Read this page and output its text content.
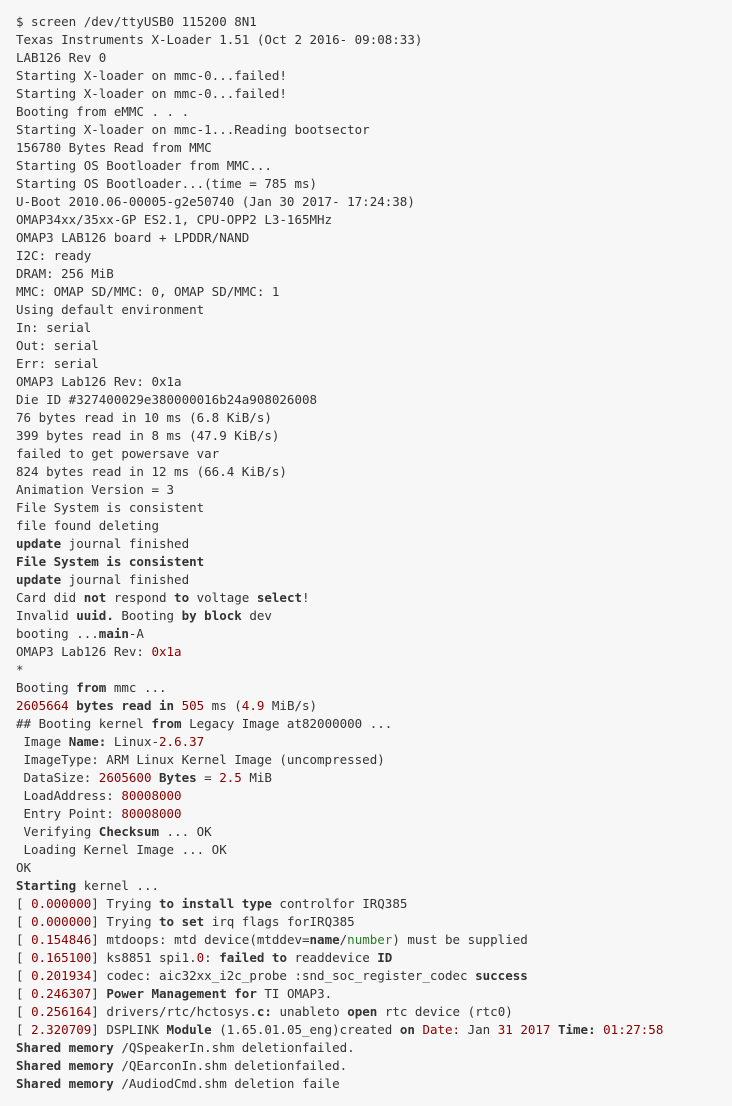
$ screen /dev/ttyUSB0 115200 8N1
Texas Instruments X-Loader 1.51 (Oct 2 2016- 09:08:33)
LAB126 Rev 0
Starting X-loader on mmc-0...failed!
Starting X-loader on mmc-0...failed!
Booting from eMMC . . .
Starting X-loader on mmc-1...Reading bootsector
156780 Bytes Read from MMC
Starting OS Bootloader from MMC...
Starting OS Bootloader...(time = 785 ms)
U-Boot 2010.06-00005-g2e50740 (Jan 30 2017- 17:24:38)
OMAP34xx/35xx-GP ES2.1, CPU-OPP2 L3-165MHz
OMAP3 LAB126 board + LPDDR/NAND
I2C: ready
DRAM: 256 MiB
MMC: OMAP SD/MMC: 0, OMAP SD/MMC: 1
Using default environment
In: serial
Out: serial
Err: serial
OMAP3 Lab126 Rev: 0x1a
Die ID #327400029e380000016b24a908026008
76 bytes read in 10 ms (6.8 KiB/s)
399 bytes read in 8 ms (47.9 KiB/s)
failed to get powersave var
824 bytes read in 12 ms (66.4 KiB/s)
Animation Version = 3
File System is consistent
file found deleting
update journal finished
File System is consistent
update journal finished
Card did not respond to voltage select!
Invalid uuid. Booting by block dev
booting ...main-A
OMAP3 Lab126 Rev: 0x1a
*
Booting from mmc ...
2605664 bytes read in 505 ms (4.9 MiB/s)
## Booting kernel from Legacy Image at82000000 ...
Image Name: Linux-2.6.37
ImageType: ARM Linux Kernel Image (uncompressed)
DataSize: 2605600 Bytes = 2.5 MiB
LoadAddress: 80008000
Entry Point: 80008000
Verifying Checksum ... OK
Loading Kernel Image ... OK
OK
Starting kernel ...
[ 0.000000] Trying to install type controlfor IRQ385
[ 0.000000] Trying to set irq flags forIRQ385
[ 0.154846] mtdoops: mtd device(mtddev=name/number) must be supplied
[ 0.165100] ks8851 spi1.0: failed to readdevice ID
[ 0.201934] codec: aic32xx_i2c_probe :snd_soc_register_codec success
[ 0.246307] Power Management for TI OMAP3.
[ 0.256164] drivers/rtc/hctosys.c: unableto open rtc device (rtc0)
[ 2.320709] DSPLINK Module (1.65.01.05_eng)created on Date: Jan 31 2017 Time: 01:27:58
Shared memory /QSpeakerIn.shm deletionfailed.
Shared memory /QEarconIn.shm deletionfailed.
Shared memory /AudiodCmd.shm deletion faile
